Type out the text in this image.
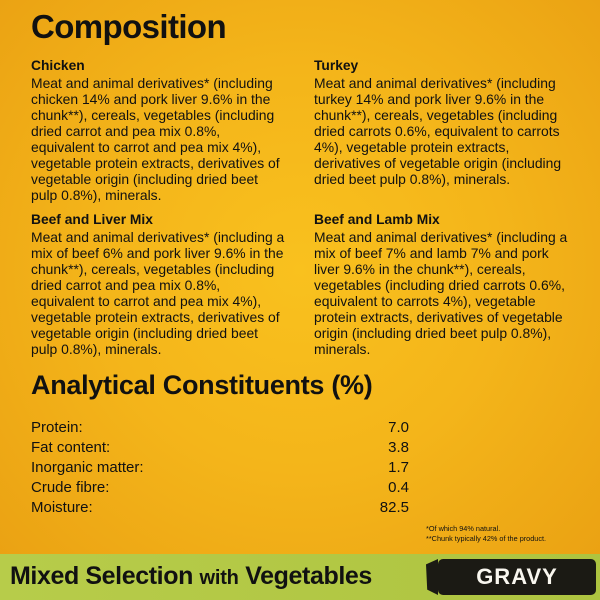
Composition
Chicken
Meat and animal derivatives* (including chicken 14% and pork liver 9.6% in the chunk**), cereals, vegetables (including dried carrot and pea mix 0.8%, equivalent to carrot and pea mix 4%), vegetable protein extracts, derivatives of vegetable origin (including dried beet pulp 0.8%), minerals.
Turkey
Meat and animal derivatives* (including turkey 14% and pork liver 9.6% in the chunk**), cereals, vegetables (including dried carrots 0.6%, equivalent to carrots 4%), vegetable protein extracts, derivatives of vegetable origin (including dried beet pulp 0.8%), minerals.
Beef and Liver Mix
Meat and animal derivatives* (including a mix of beef 6% and pork liver 9.6% in the chunk**), cereals, vegetables (including dried carrot and pea mix 0.8%, equivalent to carrot and pea mix 4%), vegetable protein extracts, derivatives of vegetable origin (including dried beet pulp 0.8%), minerals.
Beef and Lamb Mix
Meat and animal derivatives* (including a mix of beef 7% and lamb 7% and pork liver 9.6% in the chunk**), cereals, vegetables (including dried carrots 0.6%, equivalent to carrots 4%), vegetable protein extracts, derivatives of vegetable origin (including dried beet pulp 0.8%), minerals.
Analytical Constituents (%)
Protein:	7.0
Fat content:	3.8
Inorganic matter:	1.7
Crude fibre:	0.4
Moisture:	82.5
*Of which 94% natural.
**Chunk typically 42% of the product.
Mixed Selection with Vegetables	GRAVY
